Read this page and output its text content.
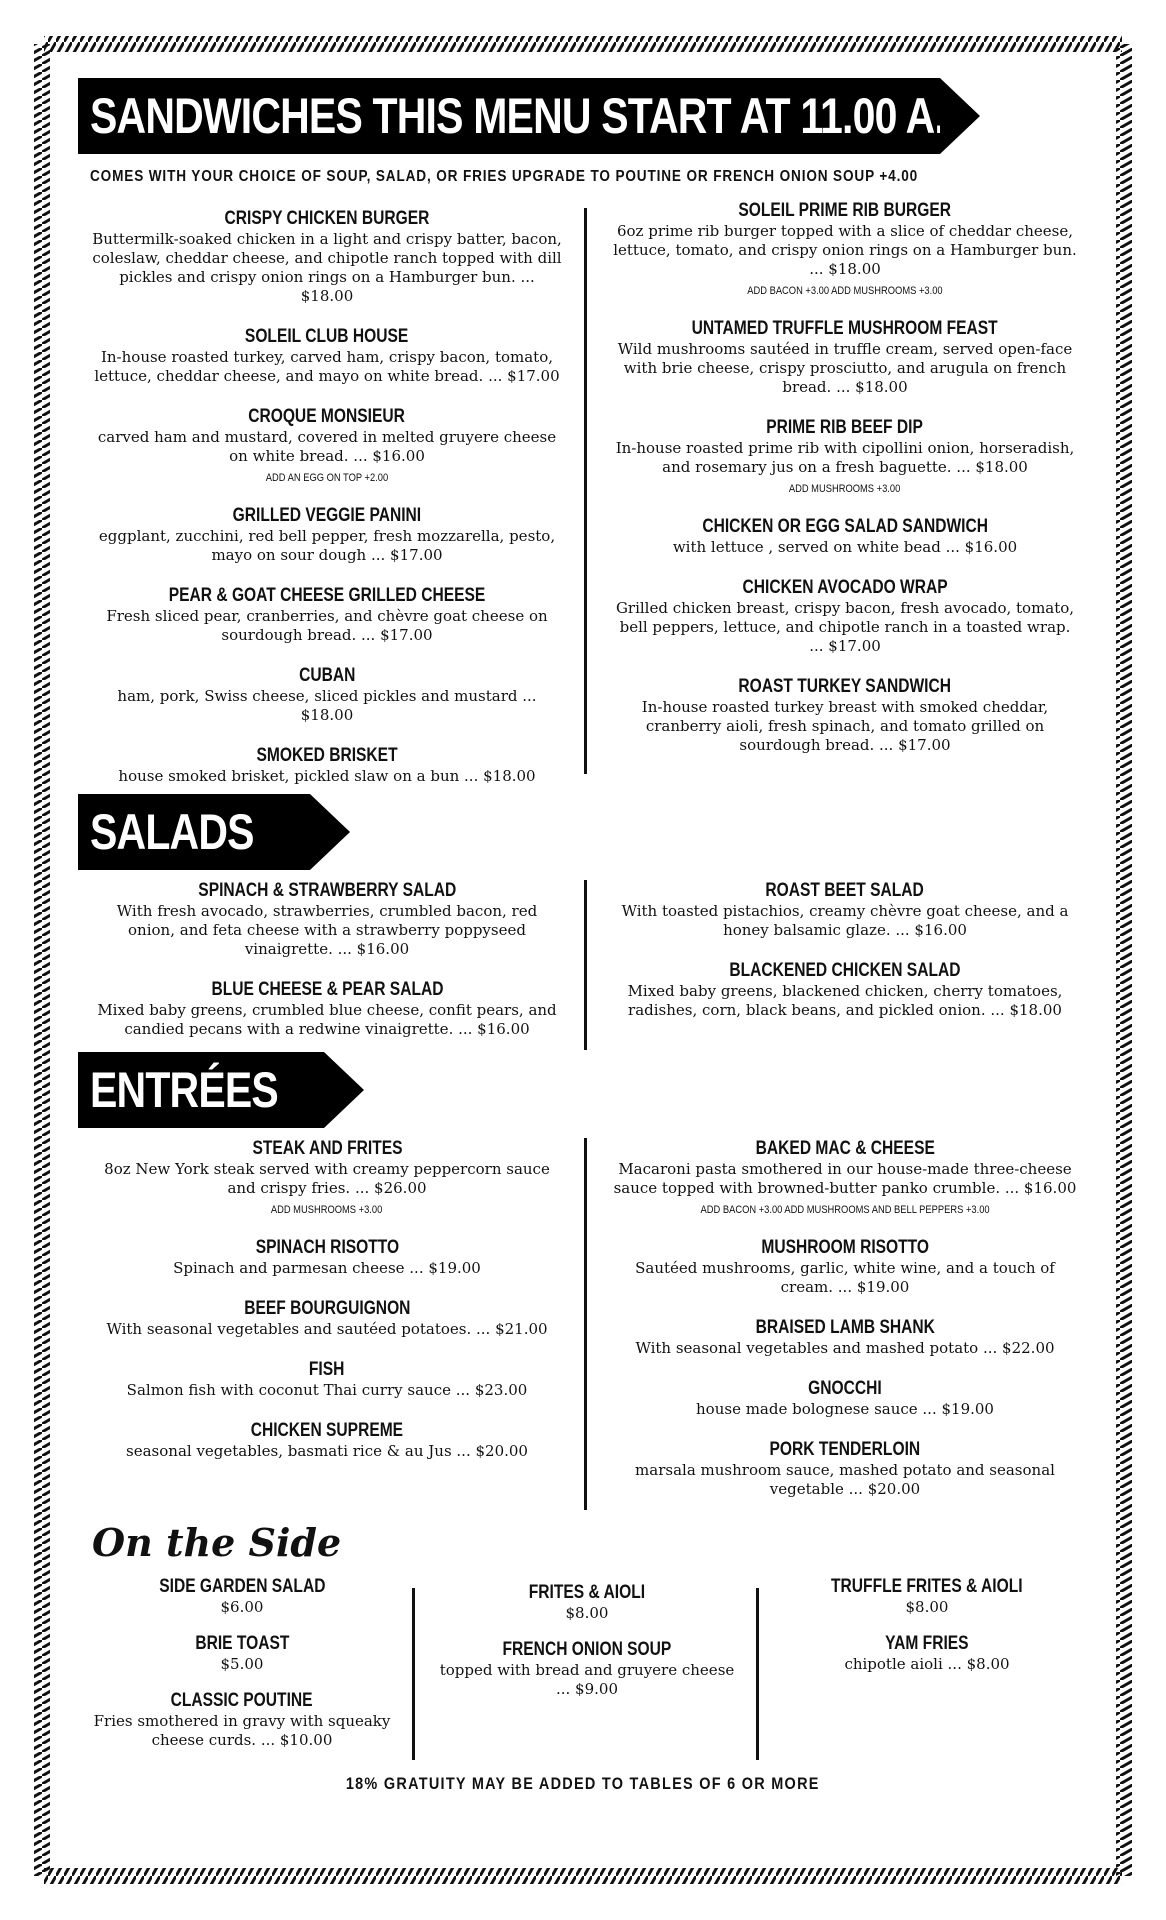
SANDWICHES THIS MENU START AT 11.00 A.M
COMES WITH YOUR CHOICE OF SOUP, SALAD, OR FRIES UPGRADE TO POUTINE OR FRENCH ONION SOUP +4.00
CRISPY CHICKEN BURGER
Buttermilk-soaked chicken in a light and crispy batter, bacon, coleslaw, cheddar cheese, and chipotle ranch topped with dill pickles and crispy onion rings on a Hamburger bun. ... $18.00
SOLEIL CLUB HOUSE
In-house roasted turkey, carved ham, crispy bacon, tomato, lettuce, cheddar cheese, and mayo on white bread. ... $17.00
CROQUE MONSIEUR
carved ham and mustard, covered in melted gruyere cheese on white bread. ... $16.00
ADD AN EGG ON TOP +2.00
GRILLED VEGGIE PANINI
eggplant, zucchini, red bell pepper, fresh mozzarella, pesto, mayo on sour dough ... $17.00
PEAR & GOAT CHEESE GRILLED CHEESE
Fresh sliced pear, cranberries, and chèvre goat cheese on sourdough bread. ... $17.00
CUBAN
ham, pork, Swiss cheese, sliced pickles and mustard ... $18.00
SMOKED BRISKET
house smoked brisket, pickled slaw on a bun ... $18.00
SOLEIL PRIME RIB BURGER
6oz prime rib burger topped with a slice of cheddar cheese, lettuce, tomato, and crispy onion rings on a Hamburger bun. ... $18.00
ADD BACON +3.00 ADD MUSHROOMS +3.00
UNTAMED TRUFFLE MUSHROOM FEAST
Wild mushrooms sautéed in truffle cream, served open-face with brie cheese, crispy prosciutto, and arugula on french bread. ... $18.00
PRIME RIB BEEF DIP
In-house roasted prime rib with cipollini onion, horseradish, and rosemary jus on a fresh baguette. ... $18.00
ADD MUSHROOMS +3.00
CHICKEN OR EGG SALAD SANDWICH
with lettuce , served on white bead ... $16.00
CHICKEN AVOCADO WRAP
Grilled chicken breast, crispy bacon, fresh avocado, tomato, bell peppers, lettuce, and chipotle ranch in a toasted wrap. ... $17.00
ROAST TURKEY SANDWICH
In-house roasted turkey breast with smoked cheddar, cranberry aioli, fresh spinach, and tomato grilled on sourdough bread. ... $17.00
SALADS
SPINACH & STRAWBERRY SALAD
With fresh avocado, strawberries, crumbled bacon, red onion, and feta cheese with a strawberry poppyseed vinaigrette. ... $16.00
BLUE CHEESE & PEAR SALAD
Mixed baby greens, crumbled blue cheese, confit pears, and candied pecans with a redwine vinaigrette. ... $16.00
ROAST BEET SALAD
With toasted pistachios, creamy chèvre goat cheese, and a honey balsamic glaze. ... $16.00
BLACKENED CHICKEN SALAD
Mixed baby greens, blackened chicken, cherry tomatoes, radishes, corn, black beans, and pickled onion. ... $18.00
ENTRÉES
STEAK AND FRITES
8oz New York steak served with creamy peppercorn sauce and crispy fries. ... $26.00
ADD MUSHROOMS +3.00
SPINACH RISOTTO
Spinach and parmesan cheese ... $19.00
BEEF BOURGUIGNON
With seasonal vegetables and sautéed potatoes. ... $21.00
FISH
Salmon fish with coconut Thai curry sauce ... $23.00
CHICKEN SUPREME
seasonal vegetables, basmati rice & au Jus ... $20.00
BAKED MAC & CHEESE
Macaroni pasta smothered in our house-made three-cheese sauce topped with browned-butter panko crumble. ... $16.00
ADD BACON +3.00 ADD MUSHROOMS AND BELL PEPPERS +3.00
MUSHROOM RISOTTO
Sautéed mushrooms, garlic, white wine, and a touch of cream. ... $19.00
BRAISED LAMB SHANK
With seasonal vegetables and mashed potato ... $22.00
GNOCCHI
house made bolognese sauce ... $19.00
PORK TENDERLOIN
marsala mushroom sauce, mashed potato and seasonal vegetable ... $20.00
On the Side
SIDE GARDEN SALAD
$6.00
BRIE TOAST
$5.00
CLASSIC POUTINE
Fries smothered in gravy with squeaky cheese curds. ... $10.00
FRITES & AIOLI
$8.00
FRENCH ONION SOUP
topped with bread and gruyere cheese ... $9.00
TRUFFLE FRITES & AIOLI
$8.00
YAM FRIES
chipotle aioli ... $8.00
18% GRATUITY MAY BE ADDED TO TABLES OF 6 OR MORE
